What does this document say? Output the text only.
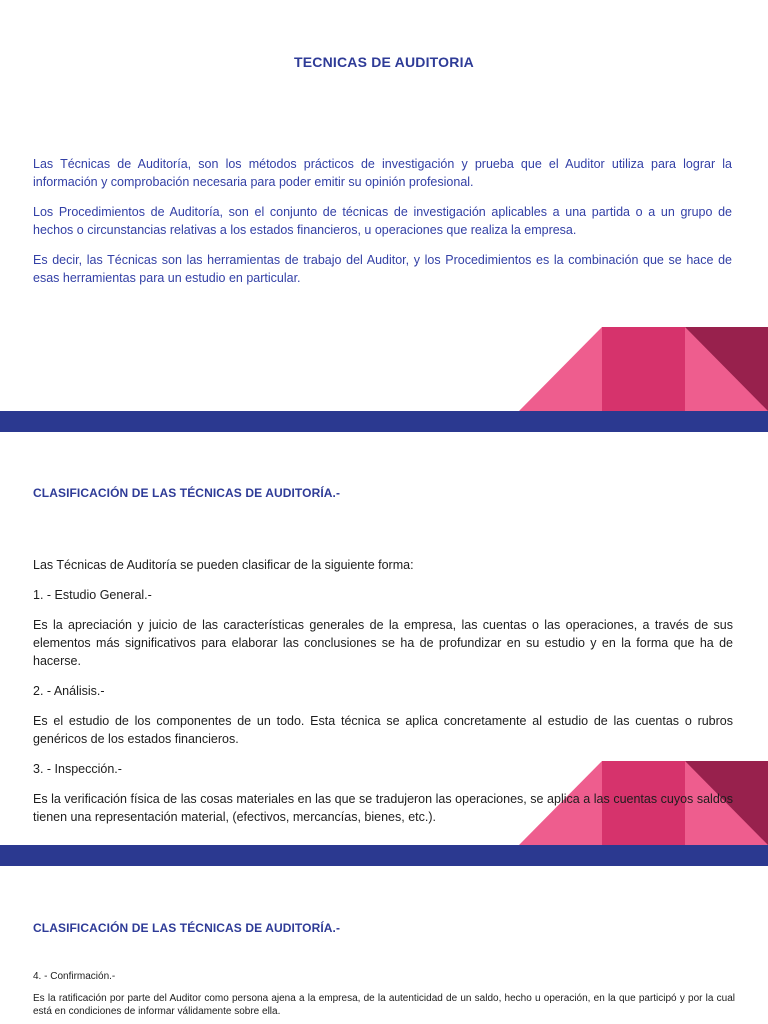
TECNICAS DE AUDITORIA

Las Técnicas de Auditoría, son los métodos prácticos de investigación y prueba que el Auditor utiliza para lograr la información y comprobación necesaria para poder emitir su opinión profesional.

Los Procedimientos de Auditoría, son el conjunto de técnicas de investigación aplicables a una partida o a un grupo de hechos o circunstancias relativas a los estados financieros, u operaciones que realiza la empresa.

Es decir, las Técnicas son las herramientas de trabajo del Auditor, y los Procedimientos es la combinación que se hace de esas herramientas para un estudio en particular.

CLASIFICACIÓN DE LAS TÉCNICAS DE AUDITORÍA.-

Las Técnicas de Auditoría se pueden clasificar de la siguiente forma:

1. - Estudio General.-

Es la apreciación y juicio de las características generales de la empresa, las cuentas o las operaciones, a través de sus elementos más significativos para elaborar las conclusiones se ha de profundizar en su estudio y en la forma que ha de hacerse.

2. - Análisis.-

Es el estudio de los componentes de un todo. Esta técnica se aplica concretamente al estudio de las cuentas o rubros genéricos de los estados financieros.

3. - Inspección.-

Es la verificación física de las cosas materiales en las que se tradujeron las operaciones, se aplica a las cuentas cuyos saldos tienen una representación material, (efectivos, mercancías, bienes, etc.).

CLASIFICACIÓN DE LAS TÉCNICAS DE AUDITORÍA.-

4. - Confirmación.-

Es la ratificación por parte del Auditor como persona ajena a la empresa, de la autenticidad de un saldo, hecho u operación, en la que participó y por la cual está en condiciones de informar válidamente sobre ella.
